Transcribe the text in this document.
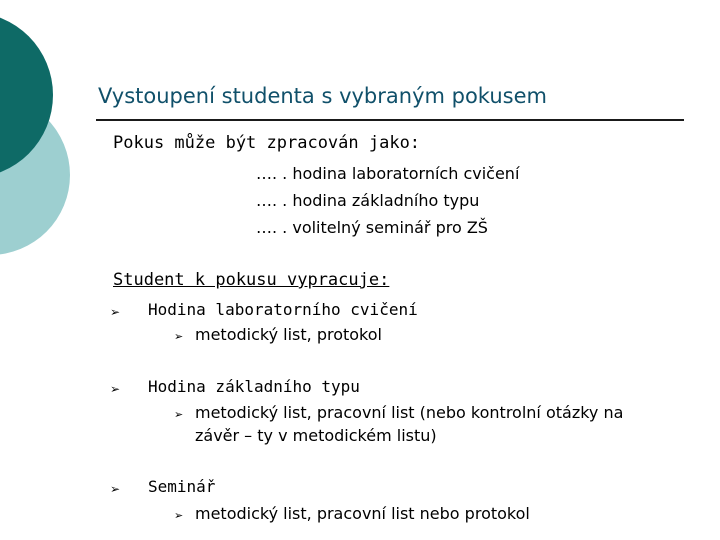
Vystoupení studenta s vybraným pokusem
Pokus může být zpracován jako:
…. . hodina laboratorních cvičení
…. . hodina základního typu
…. . volitelný seminář pro ZŠ
Student k pokusu vypracuje:
➢ Hodina laboratorního cvičení
➢ metodický list, protokol
➢ Hodina základního typu
➢ metodický list, pracovní list (nebo kontrolní otázky na
závěr – ty v metodickém listu)
➢ Seminář
➢ metodický list, pracovní list nebo protokol
